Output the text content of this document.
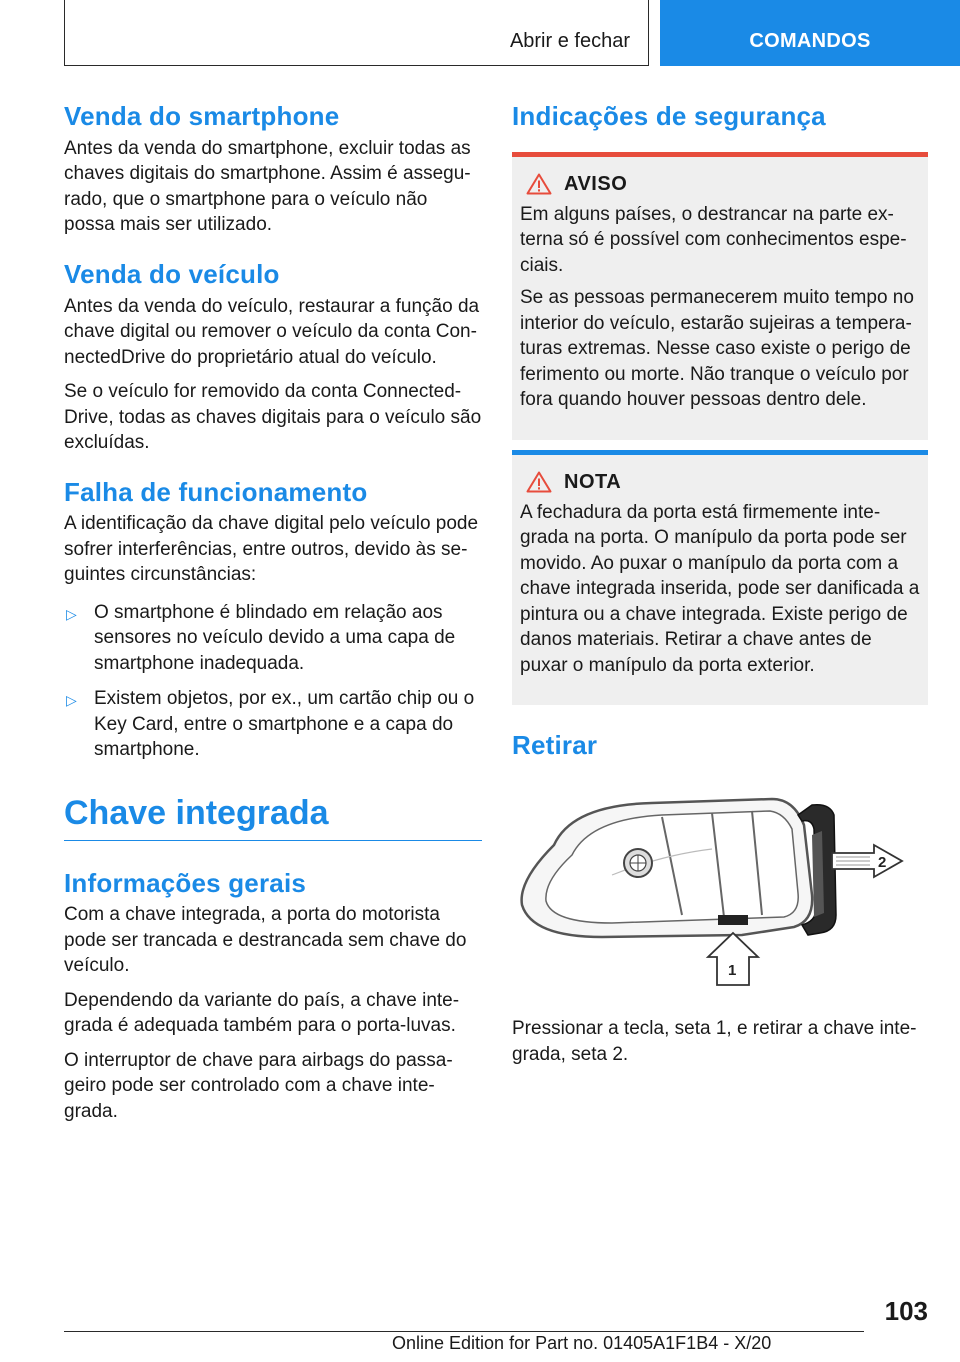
Abrir e fechar	COMANDOS
Venda do smartphone

Antes da venda do smartphone, excluir todas as chaves digitais do smartphone. Assim é assegurado, que o smartphone para o veículo não possa mais ser utilizado.

Venda do veículo

Antes da venda do veículo, restaurar a função da chave digital ou remover o veículo da conta ConnectedDrive do proprietário atual do veículo.

Se o veículo for removido da conta ConnectedDrive, todas as chaves digitais para o veículo são excluídas.

Falha de funcionamento

A identificação da chave digital pelo veículo pode sofrer interferências, entre outros, devido às seguintes circunstâncias:

▷ O smartphone é blindado em relação aos sensores no veículo devido a uma capa de smartphone inadequada.
▷ Existem objetos, por ex., um cartão chip ou o Key Card, entre o smartphone e a capa do smartphone.
Chave integrada
Informações gerais

Com a chave integrada, a porta do motorista pode ser trancada e destrancada sem chave do veículo.

Dependendo da variante do país, a chave integrada é adequada também para o porta-luvas.

O interruptor de chave para airbags do passageiro pode ser controlado com a chave integrada.

Indicações de segurança
AVISO

Em alguns países, o destrancar na parte externa só é possível com conhecimentos especiais.

Se as pessoas permanecerem muito tempo no interior do veículo, estarão sujeiras a temperaturas extremas. Nesse caso existe o perigo de ferimento ou morte. Não tranque o veículo por fora quando houver pessoas dentro dele.

NOTA

A fechadura da porta está firmemente integrada na porta. O manípulo da porta pode ser movido. Ao puxar o manípulo da porta com a chave integrada inserida, pode ser danificada a pintura ou a chave integrada. Existe perigo de danos materiais. Retirar a chave antes de puxar o manípulo da porta exterior.

Retirar
2
1

Pressionar a tecla, seta 1, e retirar a chave integrada, seta 2.

103
Online Edition for Part no. 01405A1F1B4 - X/20
